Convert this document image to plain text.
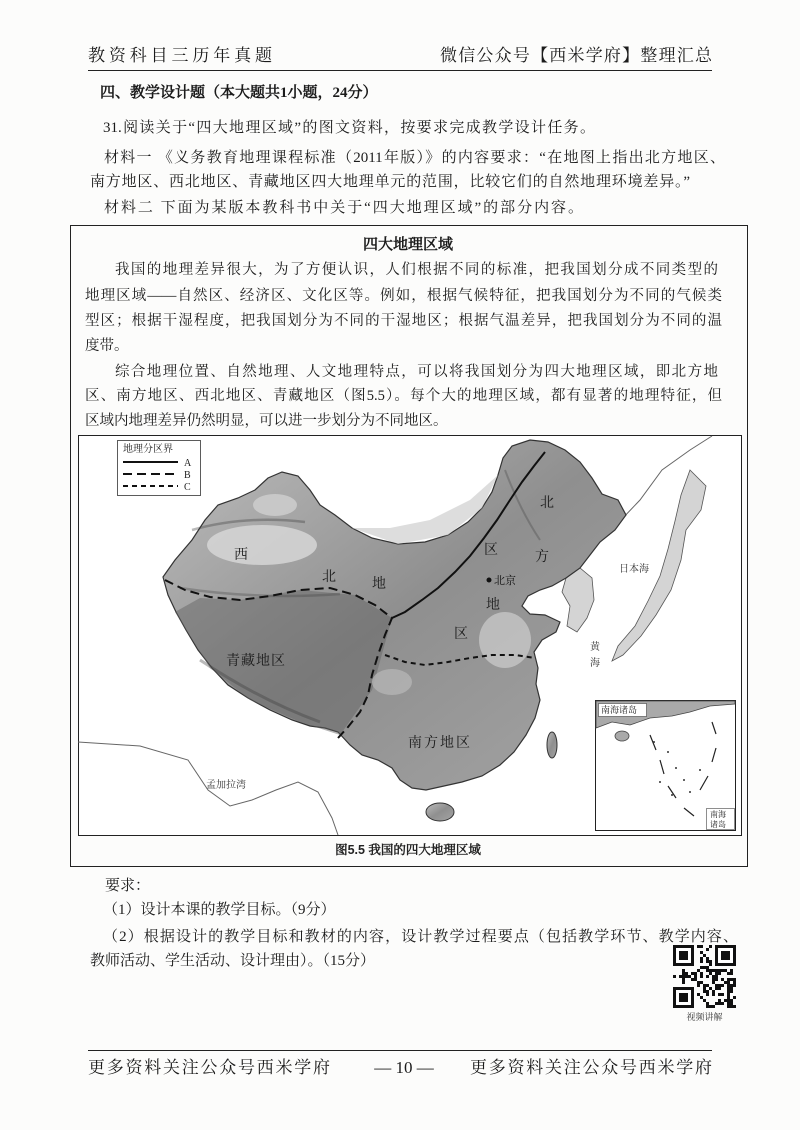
教资科目三历年真题	微信公众号【西米学府】整理汇总
四、教学设计题（本大题共1小题，24分）
31.阅读关于“四大地理区域”的图文资料，按要求完成教学设计任务。
材料一 《义务教育地理课程标准（2011年版）》的内容要求：“在地图上指出北方地区、
南方地区、西北地区、青藏地区四大地理单元的范围，比较它们的自然地理环境差异。”
材料二 下面为某版本教科书中关于“四大地理区域”的部分内容。
四大地理区域
我国的地理差异很大，为了方便认识，人们根据不同的标准，把我国划分成不同类型的
地理区域——自然区、经济区、文化区等。例如，根据气候特征，把我国划分为不同的气候类
型区；根据干湿程度，把我国划分为不同的干湿地区；根据气温差异，把我国划分为不同的温
度带。
综合地理位置、自然地理、人文地理特点，可以将我国划分为四大地理区域，即北方地
区、南方地区、西北地区、青藏地区（图5.5）。每个大的地理区域，都有显著的地理特征，但
区域内地理差异仍然明显，可以进一步划分为不同地区。
地理分区界
A
B
C
西
北	地
区
北
方
地
区
北京
青藏地区
南方地区
日本海
黄
海
孟加拉湾
南海诸岛
南海
诸岛
图5.5 我国的四大地理区域
要求：
（1）设计本课的教学目标。（9分）
（2）根据设计的教学目标和教材的内容，设计教学过程要点（包括教学环节、教学内容、
教师活动、学生活动、设计理由）。（15分）
视频讲解
更多资料关注公众号西米学府	— 10 —	更多资料关注公众号西米学府
